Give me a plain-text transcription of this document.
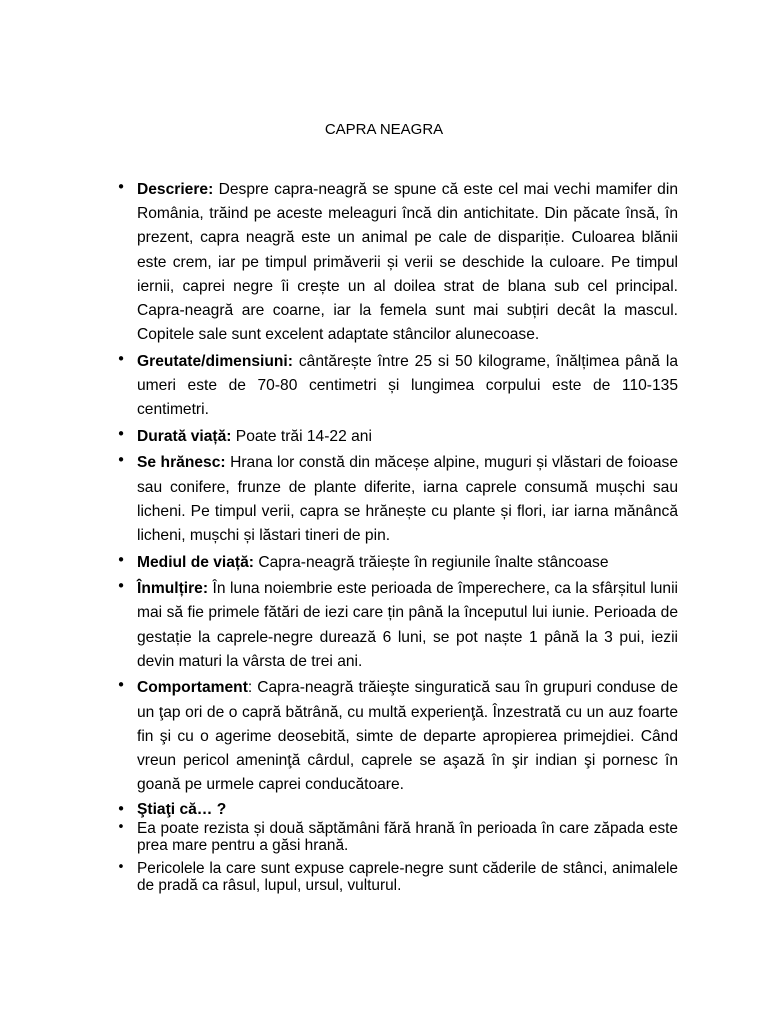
CAPRA NEAGRA
• Descriere: Despre capra-neagră se spune că este cel mai vechi mamifer din România, trăind pe aceste meleaguri încă din antichitate. Din păcate însă, în prezent, capra neagră este un animal pe cale de dispariție. Culoarea blănii este crem, iar pe timpul primăverii și verii se deschide la culoare. Pe timpul iernii, caprei negre îi crește un al doilea strat de blana sub cel principal. Capra-neagră are coarne, iar la femela sunt mai subțiri decât la mascul. Copitele sale sunt excelent adaptate stâncilor alunecoase.

• Greutate/dimensiuni: cântărește între 25 si 50 kilograme, înălțimea până la umeri este de 70-80 centimetri și lungimea corpului este de 110-135 centimetri.

• Durată viață: Poate trăi 14-22 ani

• Se hrănesc: Hrana lor constă din măceșe alpine, muguri și vlăstari de foioase sau conifere, frunze de plante diferite, iarna caprele consumă mușchi sau licheni. Pe timpul verii, capra se hrănește cu plante și flori, iar iarna mănâncă licheni, mușchi și lăstari tineri de pin.

• Mediul de viață: Capra-neagră trăiește în regiunile înalte stâncoase

• Înmulțire: În luna noiembrie este perioada de împerechere, ca la sfârșitul lunii mai să fie primele fătări de iezi care țin până la începutul lui iunie. Perioada de gestație la caprele-negre durează 6 luni, se pot naște 1 până la 3 pui, iezii devin maturi la vârsta de trei ani.

• Comportament: Capra-neagră trăieşte singuratică sau în grupuri conduse de un ţap ori de o capră bătrână, cu multă experienţă. Înzestrată cu un auz foarte fin şi cu o agerime deosebită, simte de departe apropierea primejdiei. Când vreun pericol ameninţă cârdul, caprele se aşază în şir indian şi pornesc în goană pe urmele caprei conducătoare.

• Ştiaţi că… ?

• Ea poate rezista și două săptămâni fără hrană în perioada în care zăpada este prea mare pentru a găsi hrană.

• Pericolele la care sunt expuse caprele-negre sunt căderile de stânci, animalele de pradă ca râsul, lupul, ursul, vulturul.
